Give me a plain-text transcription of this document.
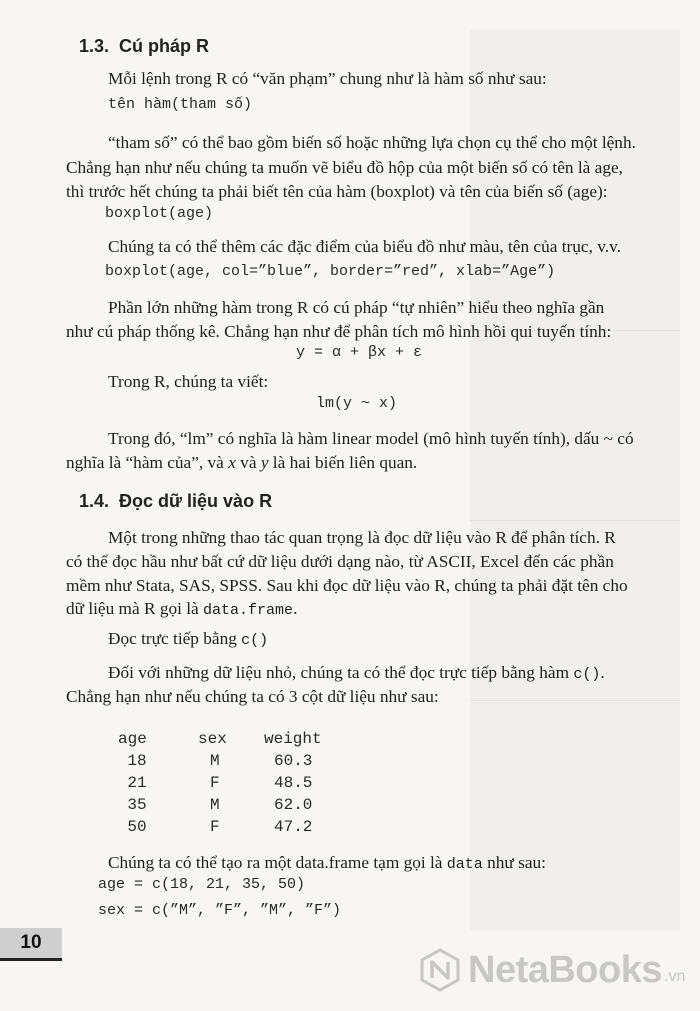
1.3. Cú pháp R
Mỗi lệnh trong R có “văn phạm” chung như là hàm số như sau:
tên hàm(tham số)
“tham số” có thể bao gồm biến số hoặc những lựa chọn cụ thể cho một lệnh.
Chẳng hạn như nếu chúng ta muốn vẽ biểu đồ hộp của một biến số có tên là age,
thì trước hết chúng ta phải biết tên của hàm (boxplot) và tên của biến số (age):
boxplot(age)
Chúng ta có thể thêm các đặc điểm của biểu đồ như màu, tên của trục, v.v.
boxplot(age, col=”blue”, border=”red”, xlab=”Age”)
Phần lớn những hàm trong R có cú pháp “tự nhiên” hiểu theo nghĩa gần
như cú pháp thống kê. Chẳng hạn như để phân tích mô hình hồi qui tuyến tính:
y = α + βx + ε
Trong R, chúng ta viết:
lm(y ~ x)
Trong đó, “lm” có nghĩa là hàm linear model (mô hình tuyến tính), dấu ~ có
nghĩa là “hàm của”, và x và y là hai biến liên quan.
1.4. Đọc dữ liệu vào R
Một trong những thao tác quan trọng là đọc dữ liệu vào R để phân tích. R
có thể đọc hầu như bất cứ dữ liệu dưới dạng nào, từ ASCII, Excel đến các phần
mềm như Stata, SAS, SPSS. Sau khi đọc dữ liệu vào R, chúng ta phải đặt tên cho
dữ liệu mà R gọi là data.frame.
Đọc trực tiếp bằng c()
Đối với những dữ liệu nhỏ, chúng ta có thể đọc trực tiếp bằng hàm c().
Chẳng hạn như nếu chúng ta có 3 cột dữ liệu như sau:
age	sex	weight
18	M	60.3
21	F	48.5
35	M	62.0
50	F	47.2
Chúng ta có thể tạo ra một data.frame tạm gọi là data như sau:
age = c(18, 21, 35, 50)
sex = c(”M”, ”F”, ”M”, ”F”)
10
NetaBooks .vn
